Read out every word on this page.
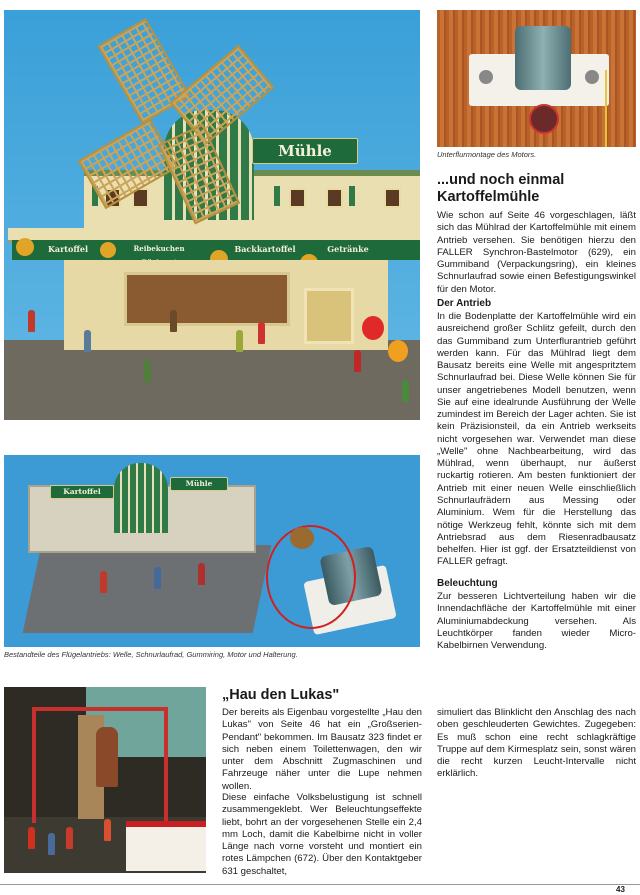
Mühle
Kartoffel	Reibekuchen	Backkartoffel	Getränke
Unterflurmontage des Motors.
...und noch einmal Kartoffelmühle

Wie schon auf Seite 46 vorgeschlagen, läßt sich das Mühlrad der Kartoffelmühle mit einem Antrieb versehen. Sie benötigen hierzu den FALLER Synchron-Bastelmotor (629), ein Gummiband (Verpackungsring), ein kleines Schnurlaufrad sowie einen Befestigungswinkel für den Motor.

Der Antrieb

In die Bodenplatte der Kartoffelmühle wird ein ausreichend großer Schlitz gefeilt, durch den das Gummiband zum Unterflurantrieb geführt werden kann. Für das Mühlrad liegt dem Bausatz bereits eine Welle mit angespritztem Schnurlaufrad bei. Diese Welle können Sie für unser angetriebenes Modell benutzen, wenn Sie auf eine idealrunde Ausführung der Welle zumindest im Bereich der Lager achten. Sie ist kein Präzisionsteil, da ein Antrieb werkseits nicht vorgesehen war. Verwendet man diese „Welle" ohne Nachbearbeitung, wird das Mühlrad, wenn überhaupt, nur äußerst ruckartig rotieren. Am besten funktioniert der Antrieb mit einer neuen Welle einschließlich Schnurlaufrädern aus Messing oder Aluminium. Wem für die Herstellung das nötige Werkzeug fehlt, könnte sich mit dem Antriebsrad aus dem Riesenradbausatz behelfen. Hier ist ggf. der Ersatzteildienst von FALLER gefragt.

Beleuchtung

Zur besseren Lichtverteilung haben wir die Innendachfläche der Kartoffelmühle mit einer Aluminiumabdeckung versehen. Als Leuchtkörper fanden wieder Micro-Kabelbirnen Verwendung.

Kartoffel
Mühle
Bestandteile des Flügelantriebs: Welle, Schnurlaufrad, Gummiring, Motor und Halterung.
„Hau den Lukas"

Der bereits als Eigenbau vorgestellte „Hau den Lukas" von Seite 46 hat ein „Großserien-Pendant" bekommen. Im Bausatz 323 findet er sich neben einem Toilettenwagen, den wir unter dem Abschnitt Zugmaschinen und Fahrzeuge näher unter die Lupe nehmen wollen.

Diese einfache Volksbelustigung ist schnell zusammengeklebt. Wer Beleuchtungseffekte liebt, bohrt an der vorgesehenen Stelle ein 2,4 mm Loch, damit die Kabelbirne nicht in voller Länge nach vorne vorsteht und montiert ein rotes Lämpchen (672). Über den Kontaktgeber 631 geschaltet,

simuliert das Blinklicht den Anschlag des nach oben geschleuderten Gewichtes. Zugegeben: Es muß schon eine recht schlagkräftige Truppe auf dem Kirmesplatz sein, sonst wären die recht kurzen Leucht-Intervalle nicht erklärlich.

43
